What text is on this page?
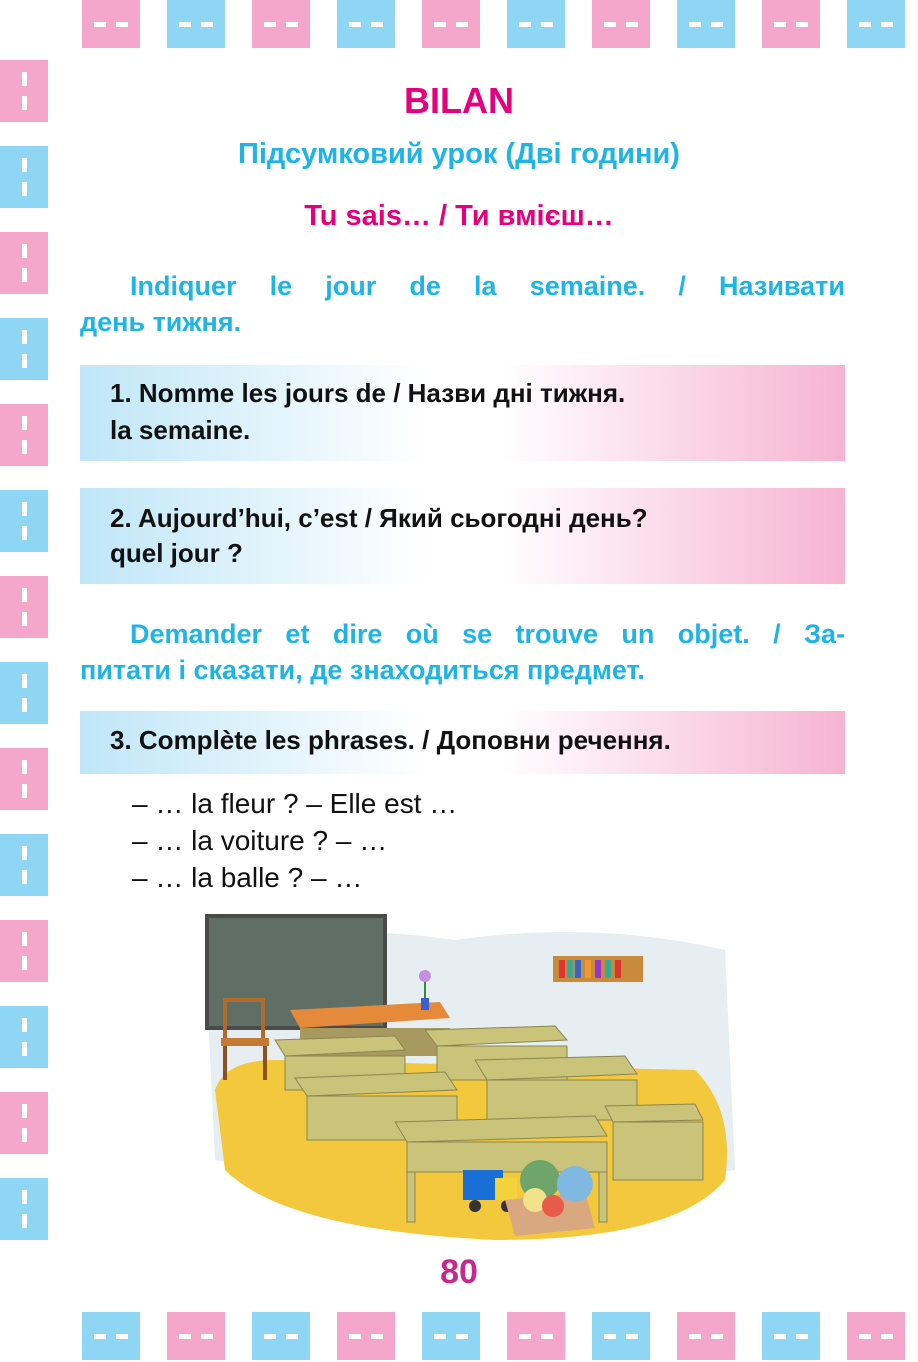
BILAN
Підсумковий урок (Дві години)
Tu sais… / Ти вмієш…
Indiquer le jour de la semaine. / Називати
день тижня.
1. Nomme les jours de / Назви дні тижня.
la semaine.
2. Aujourd’hui, c’est / Який сьогодні день?
quel jour ?
Demander et dire où se trouve un objet. / За-
питати і сказати, де знаходиться предмет.
3. Complète les phrases. / Доповни речення.
– … la fleur ? – Elle est …
– … la voiture ? – …
– … la balle ? – …
80
